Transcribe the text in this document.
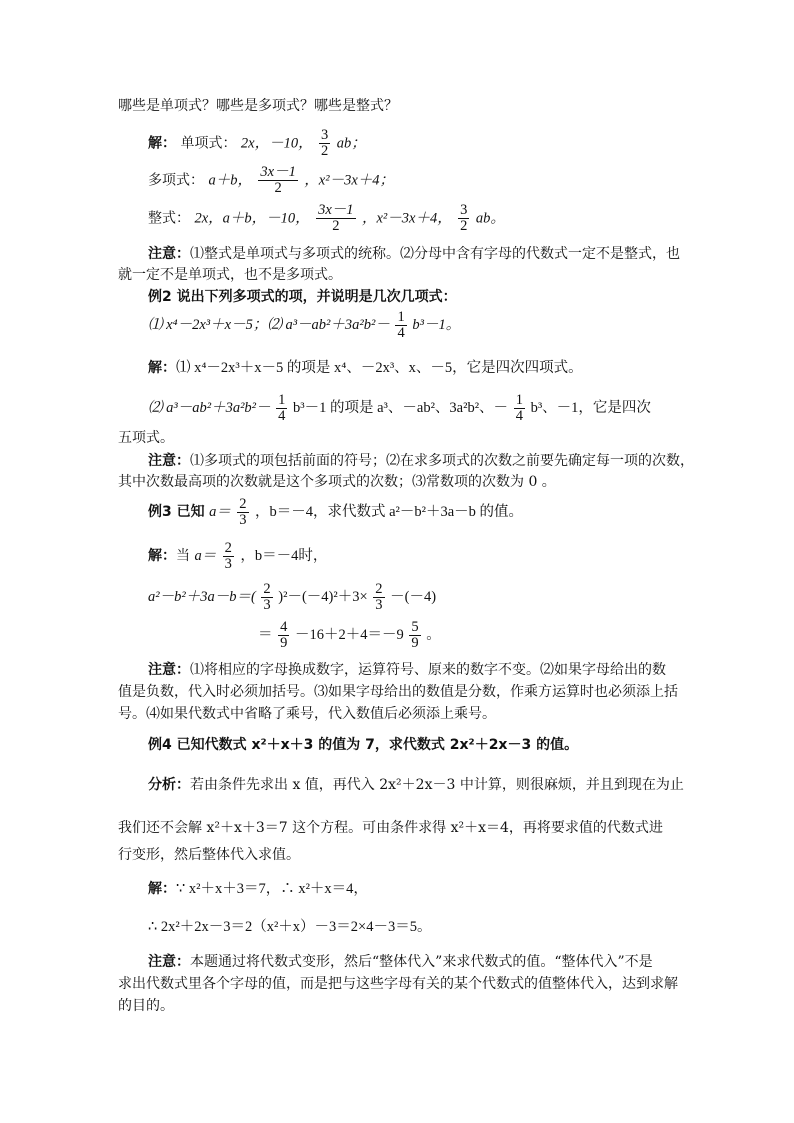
哪些是单项式？哪些是多项式？哪些是整式？
解： 单项式： 2x，－10， $\frac{3}{2}$ ab；
多项式： a＋b， $\frac{3x-1}{2}$ ，x²－3x＋4；
整式： 2x，a＋b，－10， $\frac{3x-1}{2}$ ，x²－3x＋4， $\frac{3}{2}$ ab。
注意：⑴整式是单项式与多项式的统称。⑵分母中含有字母的代数式一定不是整式，也
就一定不是单项式，也不是多项式。
例2 说出下列多项式的项，并说明是几次几项式：
⑴ x⁴－2x³＋x－5；⑵ $a^3-ab^2+3a^2b^2- \frac{1}{4} b^3-1$。
解：⑴ x⁴－2x³＋x－5 的项是 x⁴、－2x³、x、－5，它是四次四项式。
⑵ $a^3-ab^2+3a^2b^2- \frac{1}{4} b^3-1$ 的项是 a³、－ab²、3a²b²、－ $\frac{1}{4} b^3$、－1，它是四次
五项式。
注意：⑴多项式的项包括前面的符号；⑵在求多项式的次数之前要先确定每一项的次数，
其中次数最高项的次数就是这个多项式的次数；⑶常数项的次数为 0 。
例3 已知 $a= \frac{2}{3}$ ，b＝－4，求代数式 a²－b²＋3a－b 的值。
解：当 $a= \frac{2}{3}$ ，b＝－4时，
$a^2-b^2+3a-b=( \frac{2}{3} )^2-(-4)^2+3\times \frac{2}{3} -(-4)$
＝ $\frac{4}{9} -16+2+4=-9 \frac{5}{9}$ 。
注意：⑴将相应的字母换成数字，运算符号、原来的数字不变。⑵如果字母给出的数
值是负数，代入时必须加括号。⑶如果字母给出的数值是分数，作乘方运算时也必须添上括
号。⑷如果代数式中省略了乘号，代入数值后必须添上乘号。
例4 已知代数式 x²＋x＋3 的值为 7，求代数式 2x²＋2x－3 的值。
分析：若由条件先求出 x 值，再代入 2x²＋2x－3 中计算，则很麻烦，并且到现在为止
我们还不会解 x²＋x＋3＝7 这个方程。可由条件求得 x²＋x＝4，再将要求值的代数式进
行变形，然后整体代入求值。
解：∵ x²＋x＋3＝7，∴ x²＋x＝4，
∴ 2x²＋2x－3＝2（x²＋x）－3＝2×4－3＝5。
注意：本题通过将代数式变形，然后“整体代入”来求代数式的值。“整体代入”不是
求出代数式里各个字母的值，而是把与这些字母有关的某个代数式的值整体代入，达到求解
的目的。
